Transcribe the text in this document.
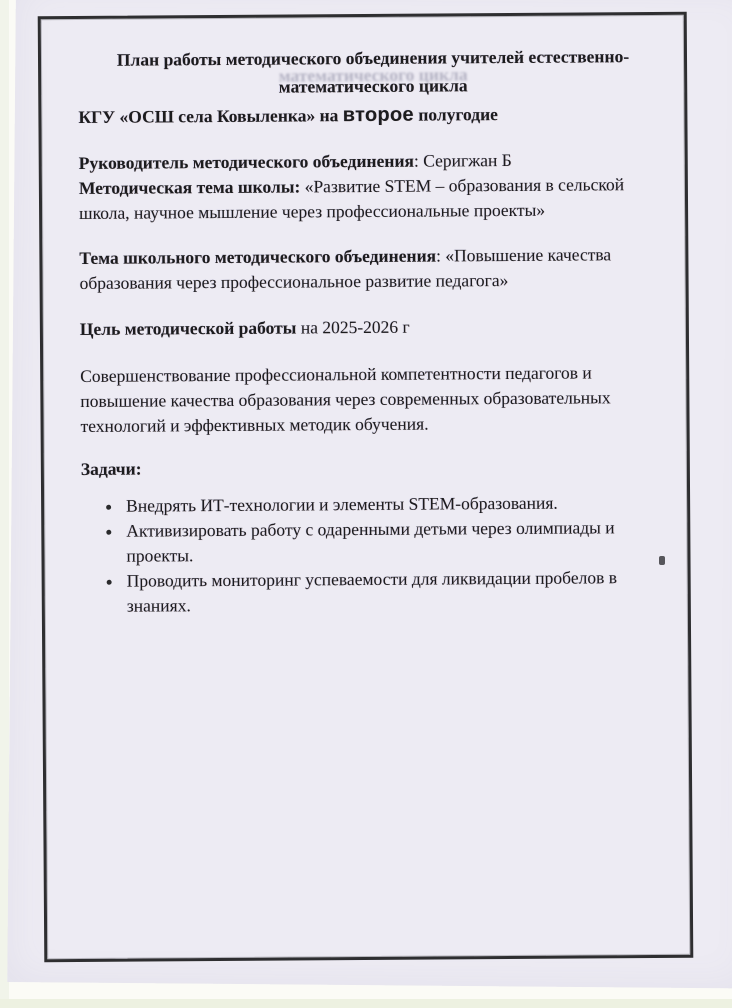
План работы методического объединения учителей естественно-
математического цикла
КГУ «ОСШ села Ковыленка» на второе полугодие
Руководитель методического объединения: Серигжан Б
Методическая тема школы: «Развитие STEM – образования в сельской школа, научное мышление через профессиональные проекты»
Тема школьного методического объединения: «Повышение качества образования через профессиональное развитие педагога»
Цель методической работы на 2025-2026 г
Совершенствование профессиональной компетентности педагогов и повышение качества образования через современных образовательных технологий и эффективных методик обучения.
Задачи:
Внедрять ИТ-технологии и элементы STEM-образования.
Активизировать работу с одаренными детьми через олимпиады и проекты.
Проводить мониторинг успеваемости для ликвидации пробелов в знаниях.
